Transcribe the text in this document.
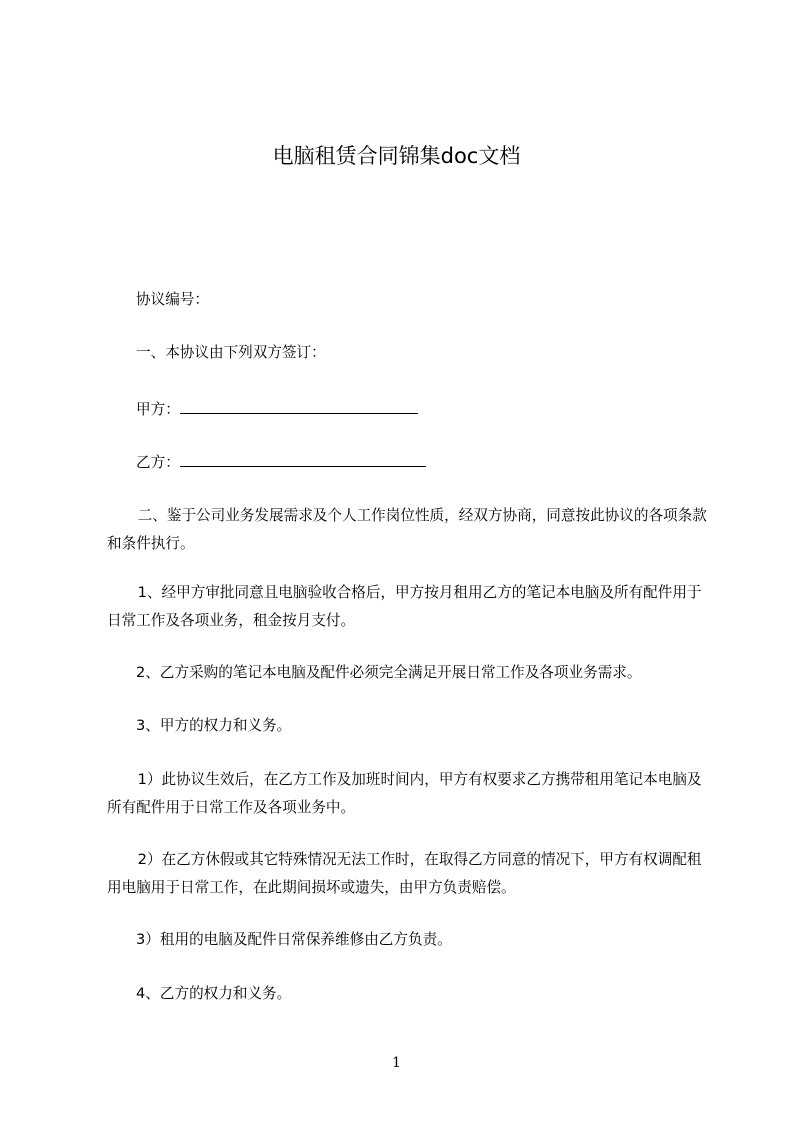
电脑租赁合同锦集doc文档
协议编号：
一、本协议由下列双方签订：
甲方：
乙方：
二、鉴于公司业务发展需求及个人工作岗位性质，经双方协商，同意按此协议的各项条款和条件执行。
1、经甲方审批同意且电脑验收合格后，甲方按月租用乙方的笔记本电脑及所有配件用于日常工作及各项业务，租金按月支付。
2、乙方采购的笔记本电脑及配件必须完全满足开展日常工作及各项业务需求。
3、甲方的权力和义务。
1）此协议生效后，在乙方工作及加班时间内，甲方有权要求乙方携带租用笔记本电脑及所有配件用于日常工作及各项业务中。
2）在乙方休假或其它特殊情况无法工作时，在取得乙方同意的情况下，甲方有权调配租用电脑用于日常工作，在此期间损坏或遗失，由甲方负责赔偿。
3）租用的电脑及配件日常保养维修由乙方负责。
4、乙方的权力和义务。
1
